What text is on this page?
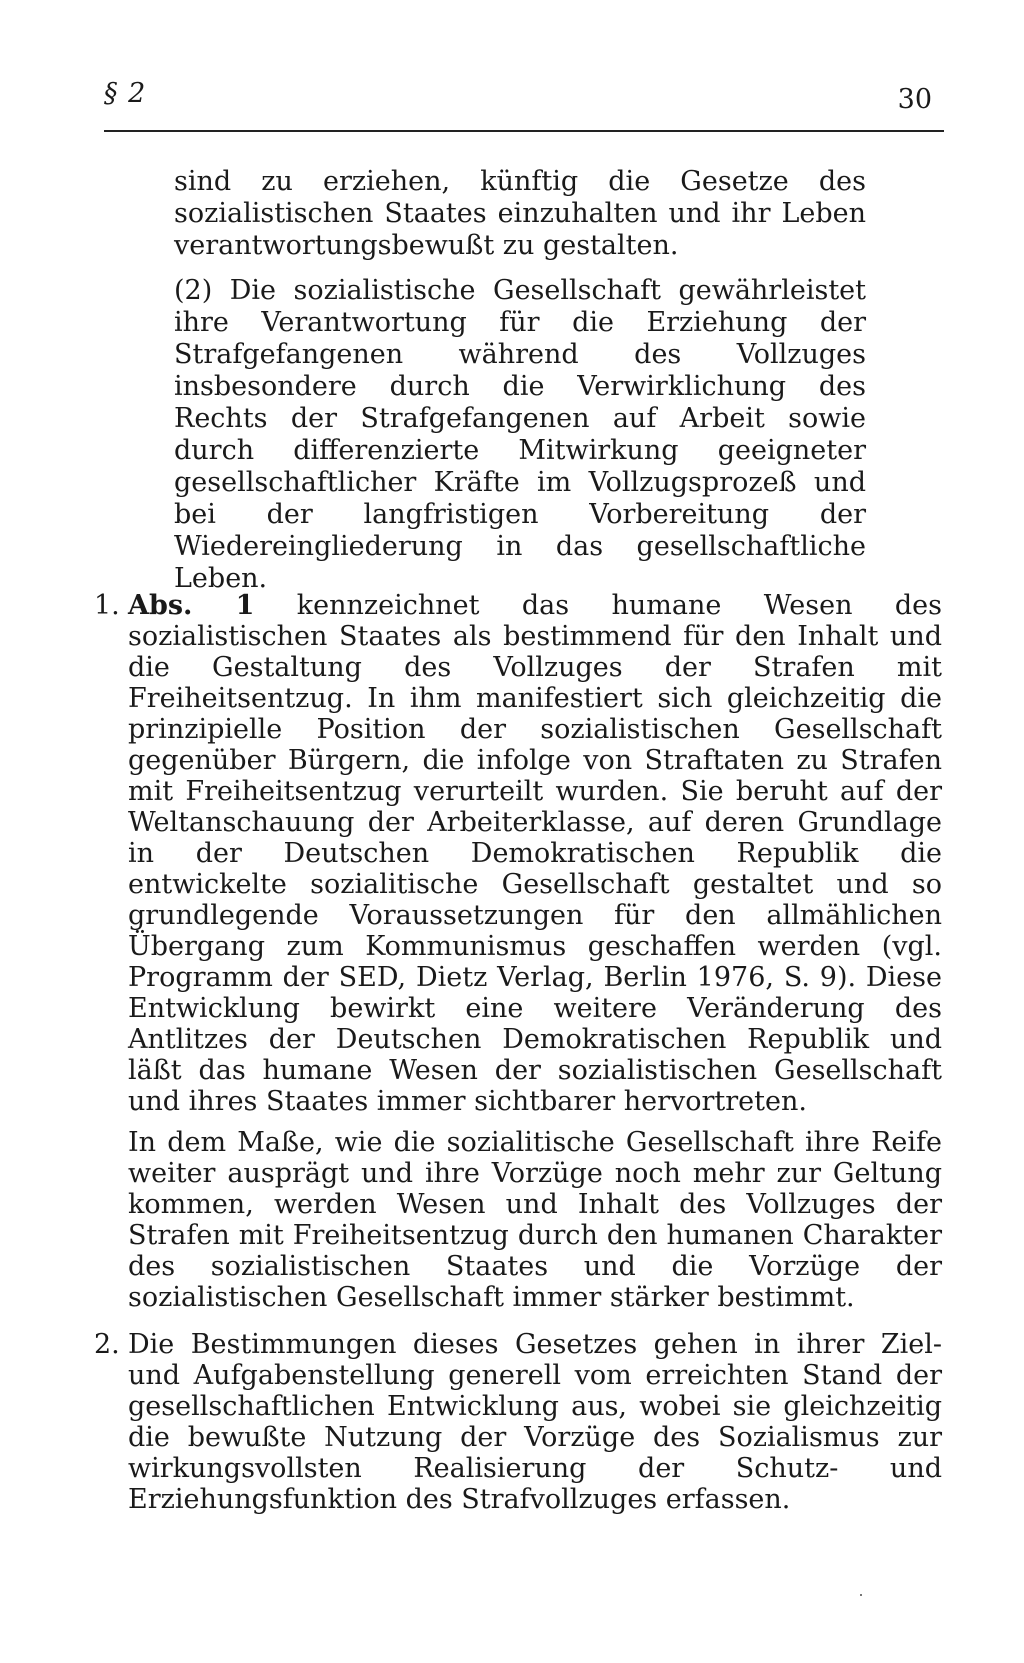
§ 2	30

sind zu erziehen, künftig die Gesetze des sozialistischen Staates einzuhalten und ihr Leben verantwortungsbewußt zu gestalten.

(2) Die sozialistische Gesellschaft gewährleistet ihre Verantwortung für die Erziehung der Strafgefangenen während des Vollzuges insbesondere durch die Verwirklichung des Rechts der Strafgefangenen auf Arbeit sowie durch differenzierte Mitwirkung geeigneter gesellschaftlicher Kräfte im Vollzugsprozeß und bei der langfristigen Vorbereitung der Wiedereingliederung in das gesellschaftliche Leben.

1. Abs. 1 kennzeichnet das humane Wesen des sozialistischen Staates als bestimmend für den Inhalt und die Gestaltung des Vollzuges der Strafen mit Freiheitsentzug. In ihm manifestiert sich gleichzeitig die prinzipielle Position der sozialistischen Gesellschaft gegenüber Bürgern, die infolge von Straftaten zu Strafen mit Freiheitsentzug verurteilt wurden. Sie beruht auf der Weltanschauung der Arbeiterklasse, auf deren Grundlage in der Deutschen Demokratischen Republik die entwickelte sozialitische Gesellschaft gestaltet und so grundlegende Voraussetzungen für den allmählichen Übergang zum Kommunismus geschaffen werden (vgl. Programm der SED, Dietz Verlag, Berlin 1976, S. 9). Diese Entwicklung bewirkt eine weitere Veränderung des Antlitzes der Deutschen Demokratischen Republik und läßt das humane Wesen der sozialistischen Gesellschaft und ihres Staates immer sichtbarer hervortreten.

In dem Maße, wie die sozialitische Gesellschaft ihre Reife weiter ausprägt und ihre Vorzüge noch mehr zur Geltung kommen, werden Wesen und Inhalt des Vollzuges der Strafen mit Freiheitsentzug durch den humanen Charakter des sozialistischen Staates und die Vorzüge der sozialistischen Gesellschaft immer stärker bestimmt.

2. Die Bestimmungen dieses Gesetzes gehen in ihrer Ziel- und Aufgabenstellung generell vom erreichten Stand der gesellschaftlichen Entwicklung aus, wobei sie gleichzeitig die bewußte Nutzung der Vorzüge des Sozialismus zur wirkungsvollsten Realisierung der Schutz- und Erziehungsfunktion des Strafvollzuges erfassen.
